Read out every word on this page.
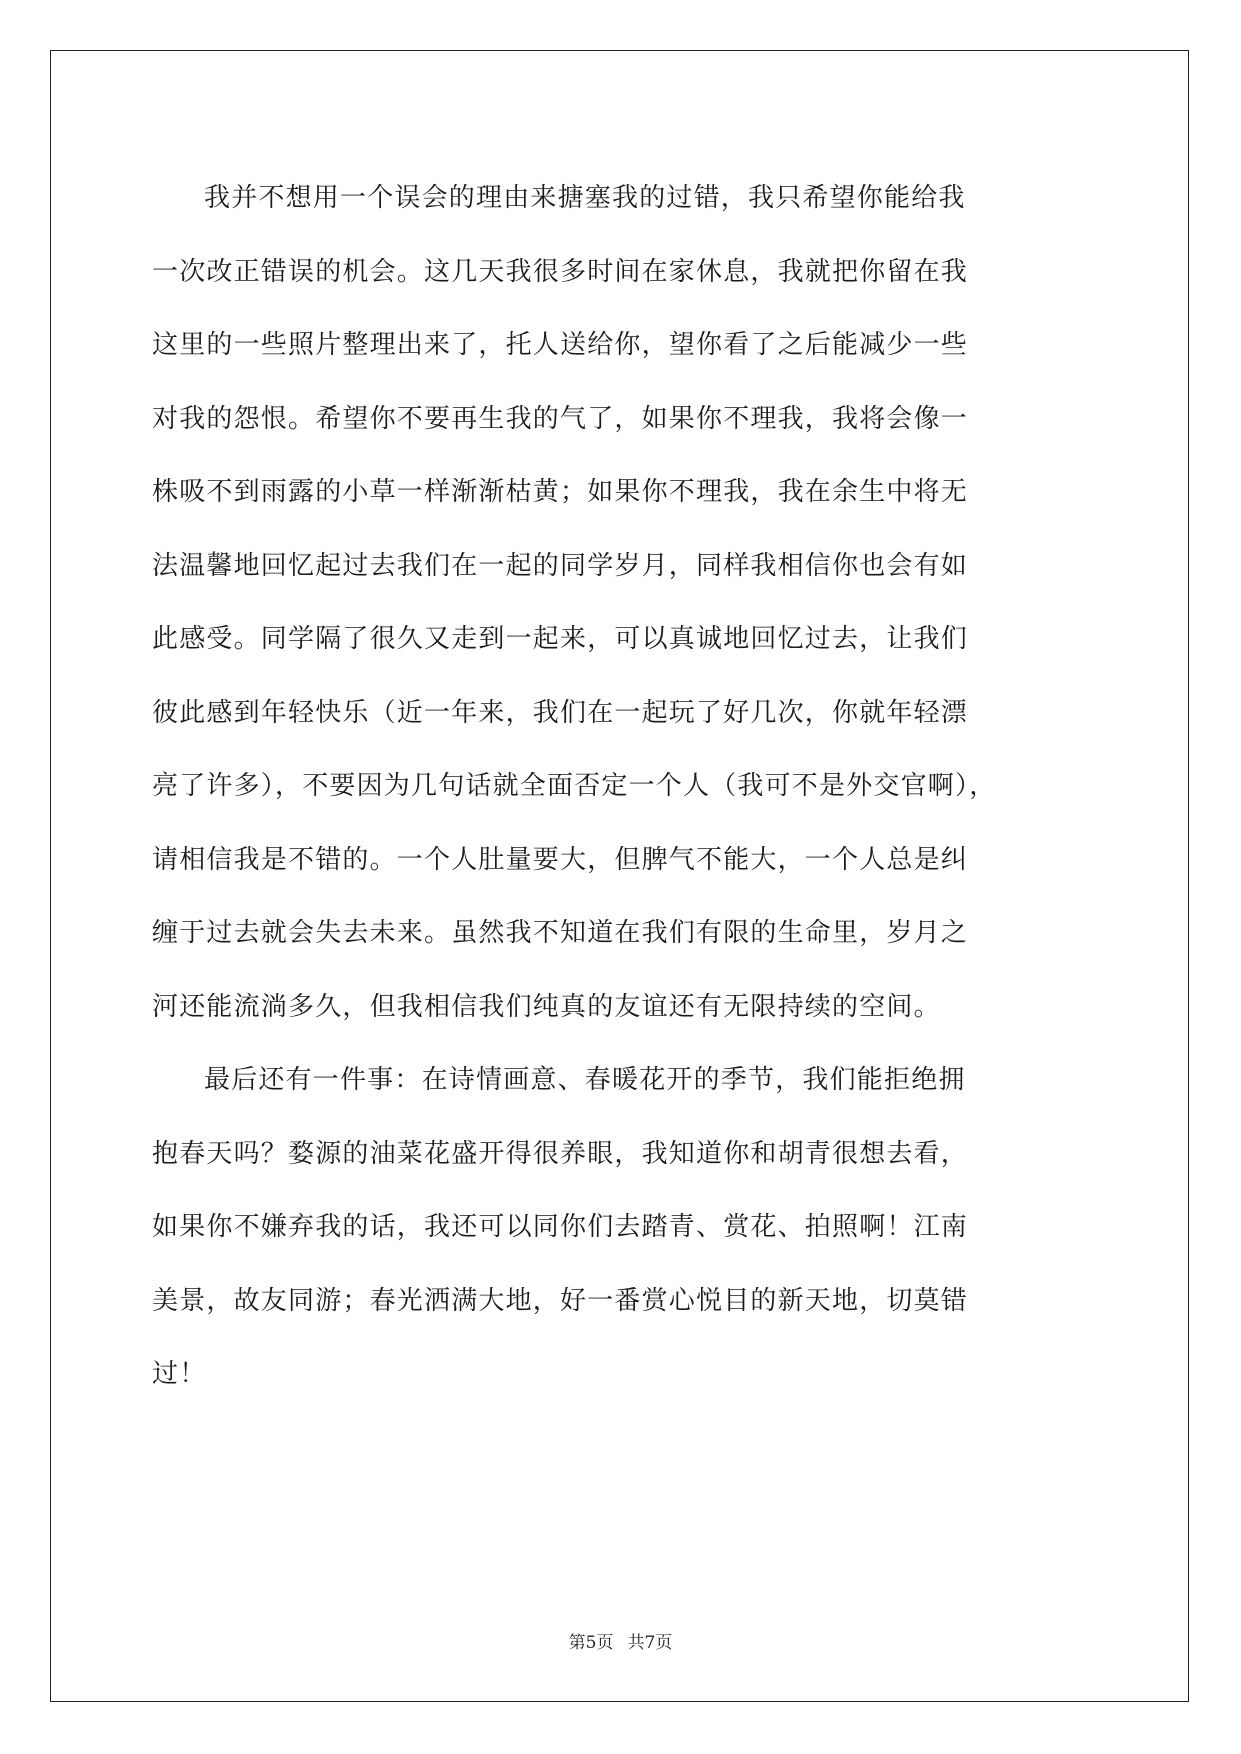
我并不想用一个误会的理由来搪塞我的过错，我只希望你能给我
一次改正错误的机会。这几天我很多时间在家休息，我就把你留在我
这里的一些照片整理出来了，托人送给你，望你看了之后能减少一些
对我的怨恨。希望你不要再生我的气了，如果你不理我，我将会像一
株吸不到雨露的小草一样渐渐枯黄；如果你不理我，我在余生中将无
法温馨地回忆起过去我们在一起的同学岁月，同样我相信你也会有如
此感受。同学隔了很久又走到一起来，可以真诚地回忆过去，让我们
彼此感到年轻快乐（近一年来，我们在一起玩了好几次，你就年轻漂
亮了许多），不要因为几句话就全面否定一个人（我可不是外交官啊），
请相信我是不错的。一个人肚量要大，但脾气不能大，一个人总是纠
缠于过去就会失去未来。虽然我不知道在我们有限的生命里，岁月之
河还能流淌多久，但我相信我们纯真的友谊还有无限持续的空间。

最后还有一件事：在诗情画意、春暖花开的季节，我们能拒绝拥
抱春天吗？婺源的油菜花盛开得很养眼，我知道你和胡青很想去看，
如果你不嫌弃我的话，我还可以同你们去踏青、赏花、拍照啊！江南
美景，故友同游；春光洒满大地，好一番赏心悦目的新天地，切莫错
过！

第5页 共7页
